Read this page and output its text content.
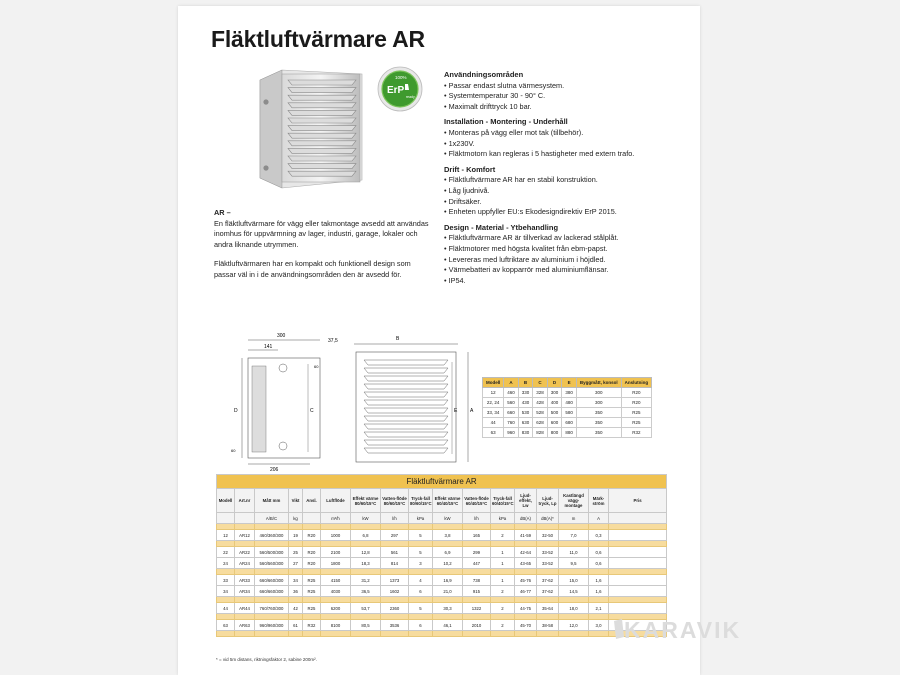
Fläktluftvärmare AR
100%
ErP
ready
Användningsområden
• Passar endast slutna värmesystem.
• Systemtemperatur 30 - 90° C.
• Maximalt drifttryck 10 bar.
Installation - Montering - Underhåll
• Monteras på vägg eller mot tak (tillbehör).
• 1x230V.
• Fläktmotorn kan regleras i 5 hastigheter med extern trafo.
Drift - Komfort
• Fläktluftvärmare AR har en stabil konstruktion.
• Låg ljudnivå.
• Driftsäker.
• Enheten uppfyller EU:s Ekodesigndirektiv ErP 2015.
Design - Material - Ytbehandling
• Fläktluftvärmare AR är tillverkad av lackerad stålplåt.
• Fläktmotorer med högsta kvalitet från ebm-papst.
• Levereras med luftriktare av aluminium i höjdled.
• Värmebatteri av kopparrör med aluminiumflänsar.
• IP54.
AR –

En fläktluftvärmare för vägg eller takmontage avsedd att användas inomhus för uppvärmning av lager, industri, garage, lokaler och andra liknande utrymmen.

Fläktluftvärmaren har en kompakt och funktionell design som passar väl in i de användningsområden den är avsedd för.

300
141
D	C
60
60
206
37,5	B
E	A
Modell	A	B	C	D	E	Byggmått, konsol	Anslutning
12	460	330	328	300	380	300	R20
22, 24	560	430	428	400	480	300	R20
33, 34	660	530	528	500	580	350	R25
44	760	630	628	600	680	350	R25
63	960	830	828	800	880	350	R32
Fläktluftvärmare AR																
Modell	Art.nr	Mått mm	Vikt	Ansl.	Luftflöde	Effekt värme 80/60/15°C	Vatten-flöde 80/60/15°C	Tryck-fall 80/60/15°C	Effekt värme 60/40/15°C	Vatten-flöde 60/40/15°C	Tryck-fall 60/40/15°C	Ljud-effekt, Lw	Ljud-tryck, Lp	Kastlängd vägg-montage	Märk-ström	Pris
		A/B/C	kg		m³/h	kW	l/h	kPa	kW	l/h	kPa	dB(A)	dB(A)*	m	A	

12	AR12	460/360/300	19	R20	1000	6,8	297	5	3,8	165	2	41-59	32-50	7,0	0,3	

22	AR22	560/500/300	25	R20	2100	12,8	561	5	6,9	299	1	42-64	33-52	11,0	0,6	
24	AR24	560/560/300	27	R20	1800	18,3	814	3	10,2	447	1	43-65	33-52	9,5	0,6	

33	AR33	660/660/300	34	R25	4150	31,2	1373	4	16,9	738	1	45-76	37-62	15,0	1,6	
34	AR34	660/660/300	36	R25	4030	36,5	1602	6	21,0	915	2	46-77	37-62	14,5	1,6	

44	AR44	760/760/300	42	R25	6200	53,7	2360	5	30,3	1322	2	44-75	35-64	18,0	2,1	

63	AR63	960/960/300	61	R32	8100	80,5	3536	6	46,1	2010	2	45-70	38-58	12,0	3,0	

* = vid 5m distans, riktningsfaktor 2, sabine 200m².
KARAVIK
